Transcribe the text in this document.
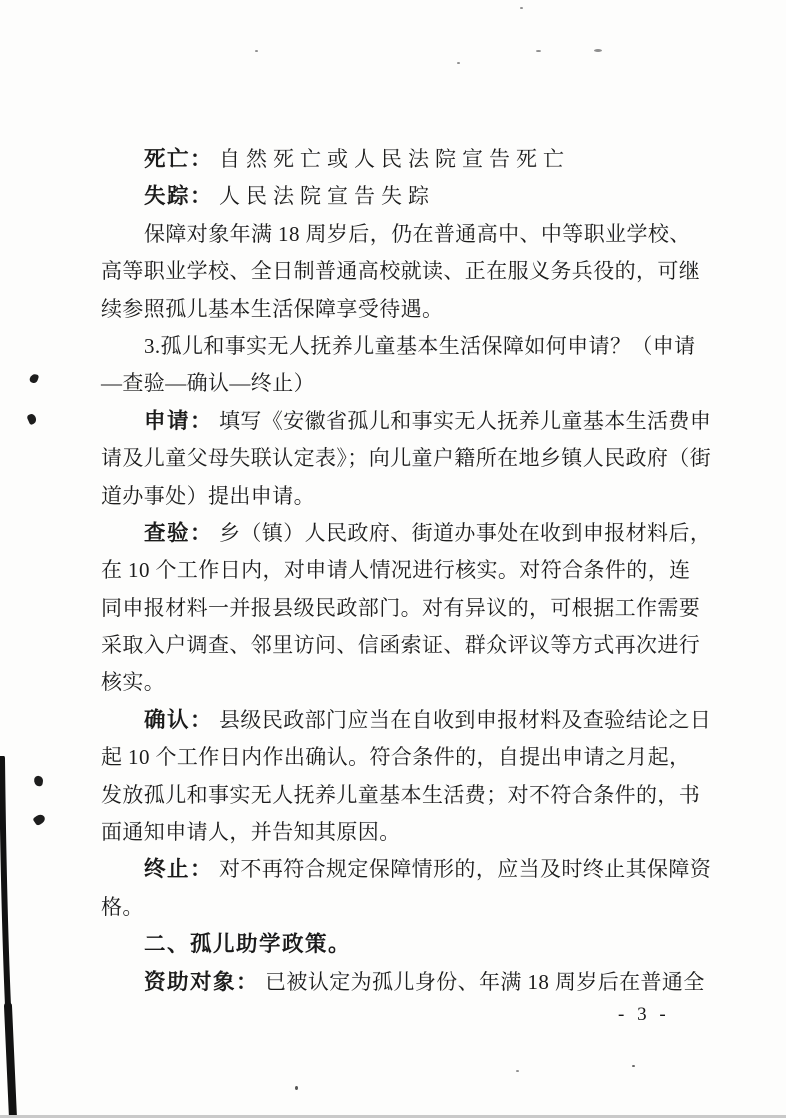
死亡： 自然死亡或人民法院宣告死亡
失踪： 人民法院宣告失踪
保障对象年满 18 周岁后，仍在普通高中、中等职业学校、
高等职业学校、全日制普通高校就读、正在服义务兵役的，可继
续参照孤儿基本生活保障享受待遇。
3.孤儿和事实无人抚养儿童基本生活保障如何申请？（申请
—查验—确认—终止）
申请： 填写《安徽省孤儿和事实无人抚养儿童基本生活费申
请及儿童父母失联认定表》；向儿童户籍所在地乡镇人民政府（街
道办事处）提出申请。
查验： 乡（镇）人民政府、街道办事处在收到申报材料后，
在 10 个工作日内，对申请人情况进行核实。对符合条件的，连
同申报材料一并报县级民政部门。对有异议的，可根据工作需要
采取入户调查、邻里访问、信函索证、群众评议等方式再次进行
核实。
确认： 县级民政部门应当在自收到申报材料及查验结论之日
起 10 个工作日内作出确认。符合条件的，自提出申请之月起，
发放孤儿和事实无人抚养儿童基本生活费；对不符合条件的，书
面通知申请人，并告知其原因。
终止： 对不再符合规定保障情形的，应当及时终止其保障资
格。
二、孤儿助学政策。
资助对象： 已被认定为孤儿身份、年满 18 周岁后在普通全
- 3 -
